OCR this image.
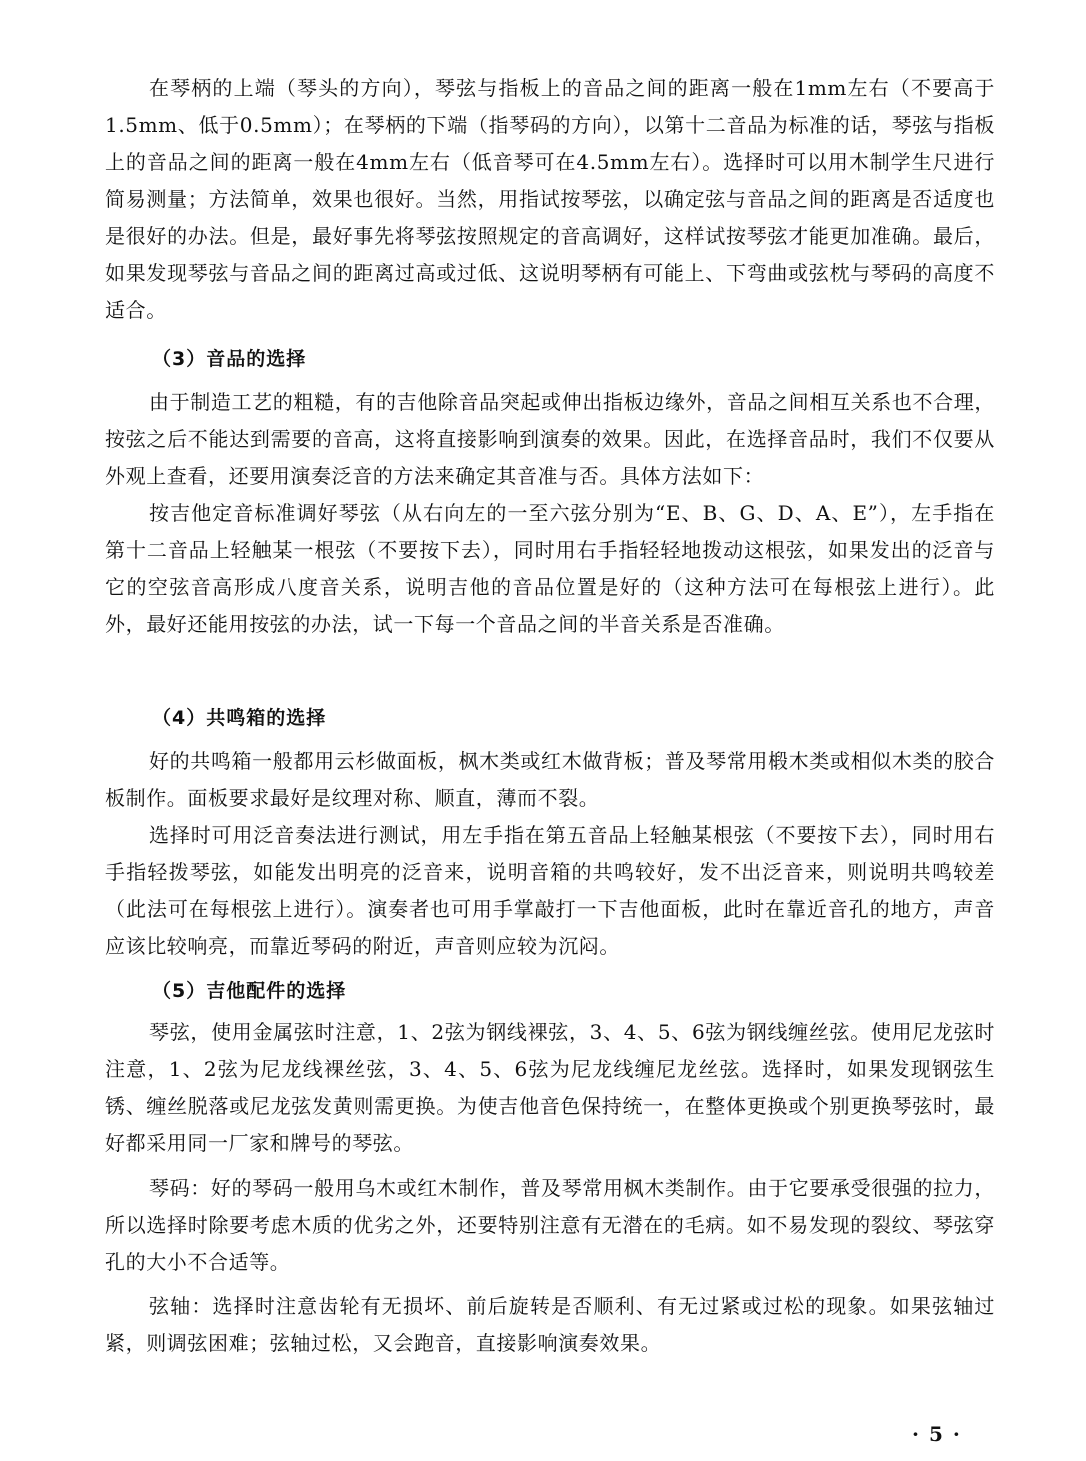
在琴柄的上端（琴头的方向），琴弦与指板上的音品之间的距离一般在1mm左右（不要高于1.5mm、低于0.5mm）；在琴柄的下端（指琴码的方向），以第十二音品为标准的话，琴弦与指板上的音品之间的距离一般在4mm左右（低音琴可在4.5mm左右）。选择时可以用木制学生尺进行简易测量；方法简单，效果也很好。当然，用指试按琴弦，以确定弦与音品之间的距离是否适度也是很好的办法。但是，最好事先将琴弦按照规定的音高调好，这样试按琴弦才能更加准确。最后，如果发现琴弦与音品之间的距离过高或过低、这说明琴柄有可能上、下弯曲或弦枕与琴码的高度不适合。

（3）音品的选择

由于制造工艺的粗糙，有的吉他除音品突起或伸出指板边缘外，音品之间相互关系也不合理，按弦之后不能达到需要的音高，这将直接影响到演奏的效果。因此，在选择音品时，我们不仅要从外观上查看，还要用演奏泛音的方法来确定其音准与否。具体方法如下：

按吉他定音标准调好琴弦（从右向左的一至六弦分别为“E、B、G、D、A、E”），左手指在第十二音品上轻触某一根弦（不要按下去），同时用右手指轻轻地拨动这根弦，如果发出的泛音与它的空弦音高形成八度音关系，说明吉他的音品位置是好的（这种方法可在每根弦上进行）。此外，最好还能用按弦的办法，试一下每一个音品之间的半音关系是否准确。

（4）共鸣箱的选择

好的共鸣箱一般都用云杉做面板，枫木类或红木做背板；普及琴常用椴木类或相似木类的胶合板制作。面板要求最好是纹理对称、顺直，薄而不裂。

选择时可用泛音奏法进行测试，用左手指在第五音品上轻触某根弦（不要按下去），同时用右手指轻拨琴弦，如能发出明亮的泛音来，说明音箱的共鸣较好，发不出泛音来，则说明共鸣较差（此法可在每根弦上进行）。演奏者也可用手掌敲打一下吉他面板，此时在靠近音孔的地方，声音应该比较响亮，而靠近琴码的附近，声音则应较为沉闷。

（5）吉他配件的选择

琴弦，使用金属弦时注意，1、2弦为钢线裸弦，3、4、5、6弦为钢线缠丝弦。使用尼龙弦时注意，1、2弦为尼龙线裸丝弦，3、4、5、6弦为尼龙线缠尼龙丝弦。选择时，如果发现钢弦生锈、缠丝脱落或尼龙弦发黄则需更换。为使吉他音色保持统一，在整体更换或个别更换琴弦时，最好都采用同一厂家和牌号的琴弦。

琴码：好的琴码一般用乌木或红木制作，普及琴常用枫木类制作。由于它要承受很强的拉力，所以选择时除要考虑木质的优劣之外，还要特别注意有无潜在的毛病。如不易发现的裂纹、琴弦穿孔的大小不合适等。

弦轴：选择时注意齿轮有无损坏、前后旋转是否顺利、有无过紧或过松的现象。如果弦轴过紧，则调弦困难；弦轴过松，又会跑音，直接影响演奏效果。

·5·
